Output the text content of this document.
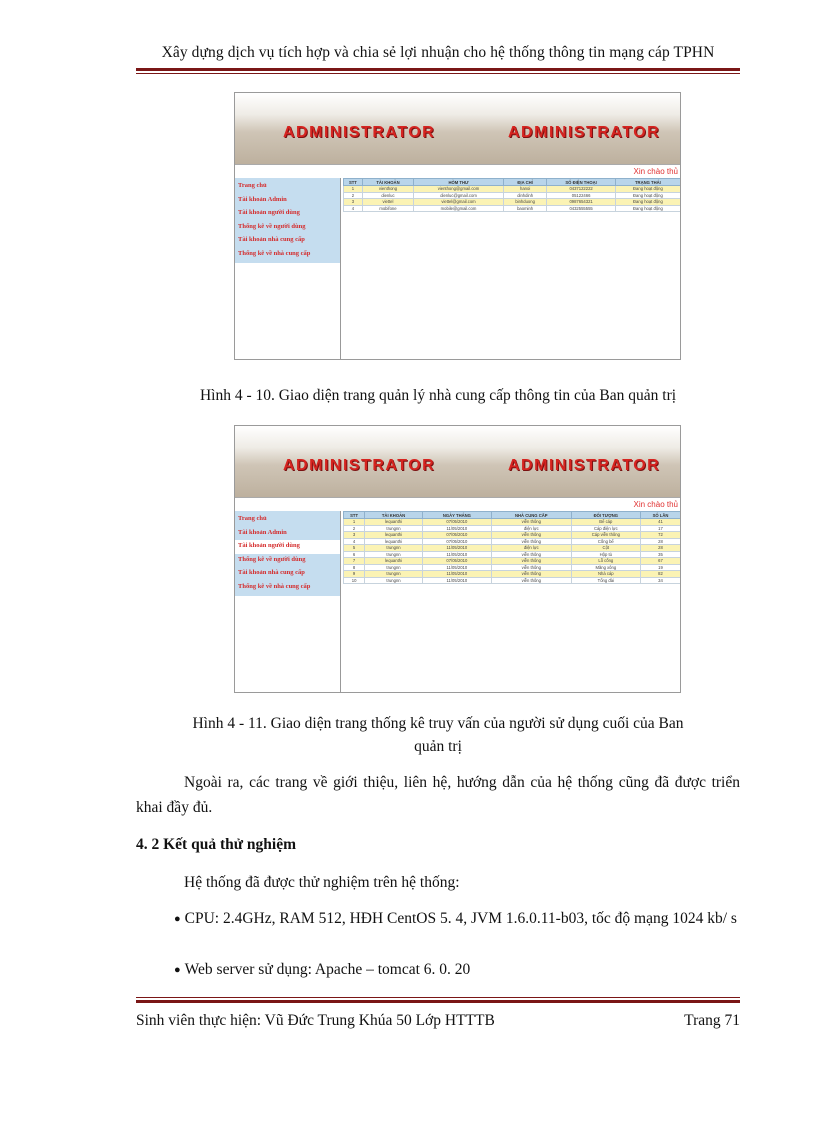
Xây dựng dịch vụ tích hợp và chia sẻ lợi nhuận cho hệ thống thông tin mạng cáp TPHN
ADMINISTRATOR	ADMINISTRATOR
Xin chào thủ
Trang chủ
Tài khoản Admin
Tài khoản người dùng
Thống kê về người dùng
Tài khoản nhà cung cấp
Thống kê về nhà cung cấp
STT	TÀI KHOẢN	HÒM THƯ	ĐỊA CHỈ	SỐ ĐIỆN THOẠI	TRẠNG THÁI
1	vienthong	vienthong@gmail.com	hanoi	0437122222	Đang hoạt động
2	dienluc	dienluc@gmail.com	dinhdinh	05122466	Đang hoạt động
3	viettel	viettel@gmail.com	binhduong	0987654321	Đang hoạt động
4	mobifone	mobile@gmail.com	baominh	0432555555	Đang hoạt động
Hình 4 - 10. Giao diện trang quản lý nhà cung cấp thông tin của Ban quản trị
ADMINISTRATOR	ADMINISTRATOR
Xin chào thủ
Trang chủ
Tài khoản Admin
Tài khoản người dùng
Thống kê về người dùng
Tài khoản nhà cung cấp
Thống kê về nhà cung cấp
STT	TÀI KHOẢN	NGÀY THÁNG	NHÀ CUNG CẤP	ĐỐI TƯỢNG	SỐ LẦN
1	lequanthi	07/05/2010	viễn thông	Bể cáp	41
2	trungnn	11/05/2010	điện lực	Cáp điện lực	17
3	lequanthi	07/05/2010	viễn thông	Cáp viễn thông	72
4	lequanthi	07/05/2010	viễn thông	Cống bể	28
5	trungnn	11/05/2010	điện lực	Cột	28
6	trungnn	11/05/2010	viễn thông	Hộp tủ	35
7	lequanthi	07/05/2010	viễn thông	Lỗ cống	67
8	trungnn	11/05/2010	viễn thông	Măng xông	19
9	trungnn	11/05/2010	viễn thông	Nhà cáp	82
10	trungnn	11/05/2010	viễn thông	Tổng đài	34
Hình 4 - 11. Giao diện trang thống kê truy vấn của người sử dụng cuối của Ban
quản trị
Ngoài ra, các trang về giới thiệu, liên hệ, hướng dẫn của hệ thống cũng đã được triển khai đầy đủ.
4. 2 Kết quả thử nghiệm
Hệ thống đã được thử nghiệm trên hệ thống:
● CPU: 2.4GHz, RAM 512, HĐH CentOS 5. 4, JVM 1.6.0.11-b03, tốc độ mạng 1024 kb/ s
● Web server sử dụng: Apache – tomcat 6. 0. 20
Sinh viên thực hiện: Vũ Đức Trung Khúa 50 Lớp HTTTB	Trang 71
